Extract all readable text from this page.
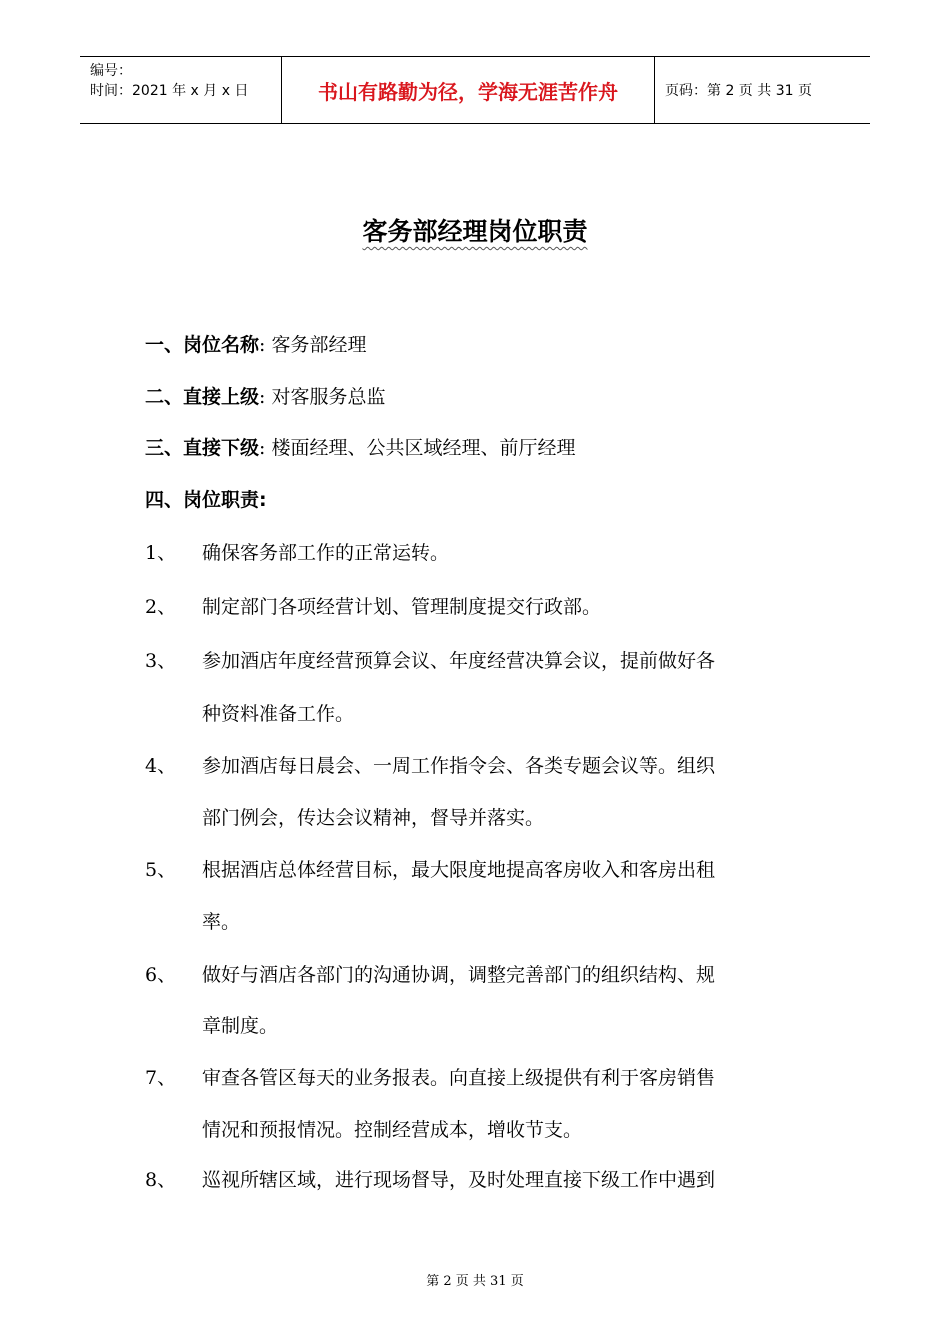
编号：
时间：2021 年 x 月 x 日	书山有路勤为径，学海无涯苦作舟	页码：第 2 页 共 31 页
客务部经理岗位职责
一、岗位名称: 客务部经理
二、直接上级: 对客服务总监
三、直接下级: 楼面经理、公共区域经理、前厅经理
四、岗位职责:
1、 确保客务部工作的正常运转。
2、 制定部门各项经营计划、管理制度提交行政部。
3、 参加酒店年度经营预算会议、年度经营决算会议，提前做好各
种资料准备工作。
4、 参加酒店每日晨会、一周工作指令会、各类专题会议等。组织
部门例会，传达会议精神，督导并落实。
5、 根据酒店总体经营目标，最大限度地提高客房收入和客房出租
率。
6、 做好与酒店各部门的沟通协调，调整完善部门的组织结构、规
章制度。
7、 审查各管区每天的业务报表。向直接上级提供有利于客房销售
情况和预报情况。控制经营成本，增收节支。
8、 巡视所辖区域，进行现场督导，及时处理直接下级工作中遇到
第 2 页 共 31 页
